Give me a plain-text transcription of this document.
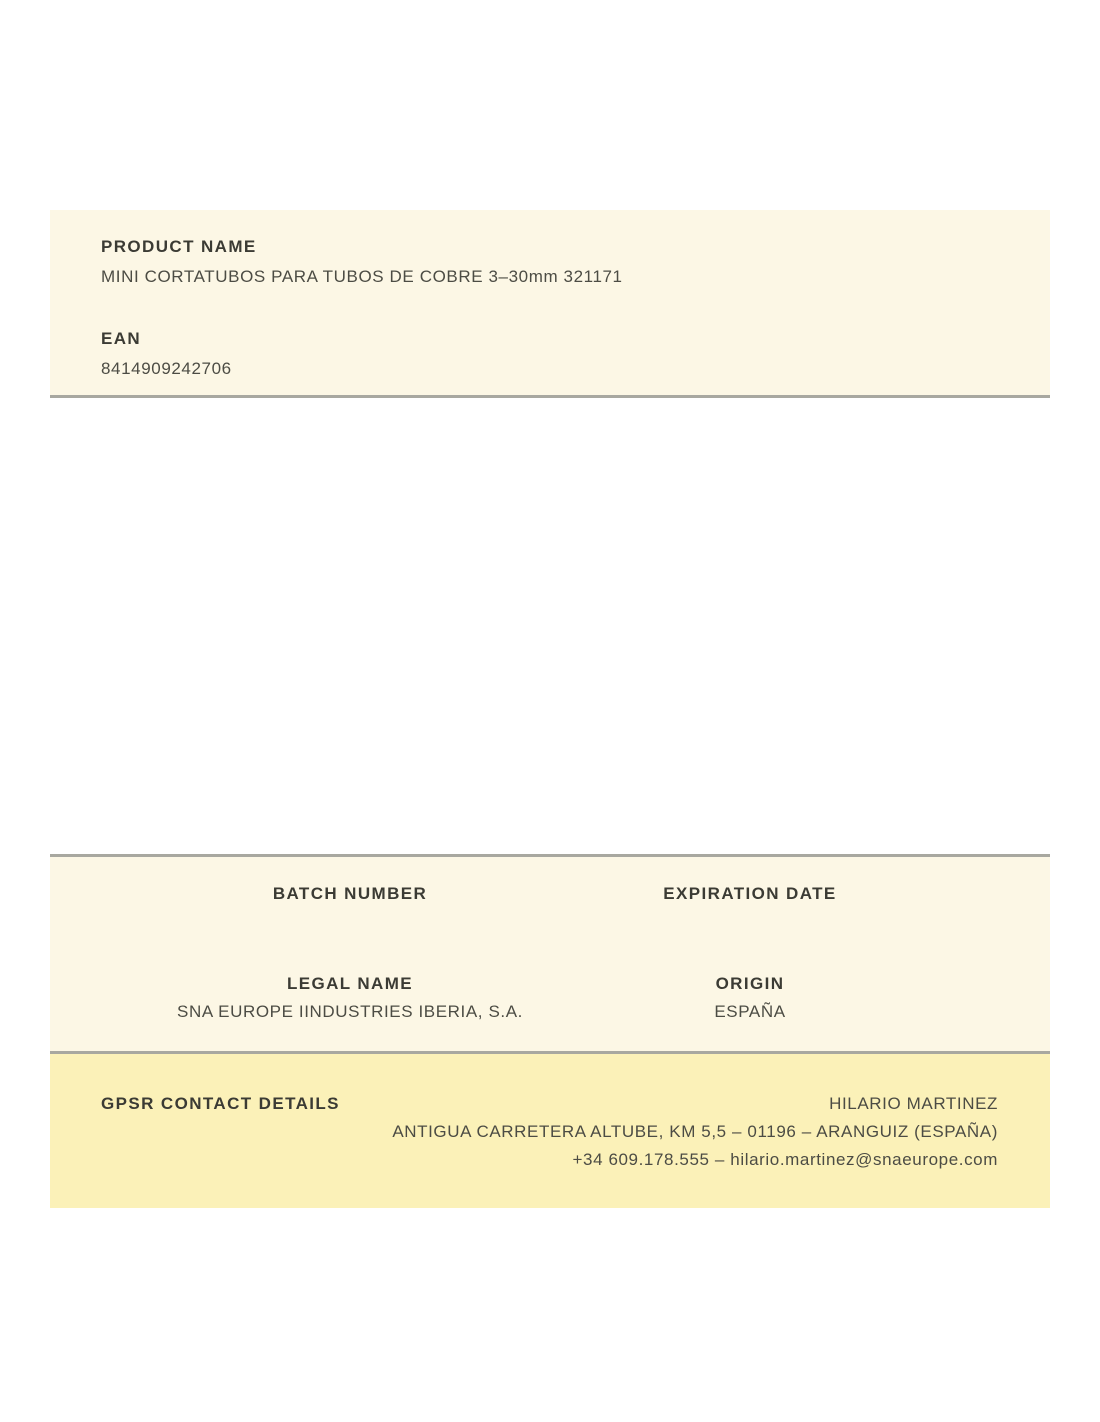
PRODUCT NAME
MINI CORTATUBOS PARA TUBOS DE COBRE 3–30mm 321171
EAN
8414909242706
BATCH NUMBER	EXPIRATION DATE
LEGAL NAME
SNA EUROPE IINDUSTRIES IBERIA, S.A.
ORIGIN
ESPAÑA
GPSR CONTACT DETAILS	HILARIO MARTINEZ
ANTIGUA CARRETERA ALTUBE, KM 5,5 – 01196 – ARANGUIZ (ESPAÑA)
+34 609.178.555 – hilario.martinez@snaeurope.com
